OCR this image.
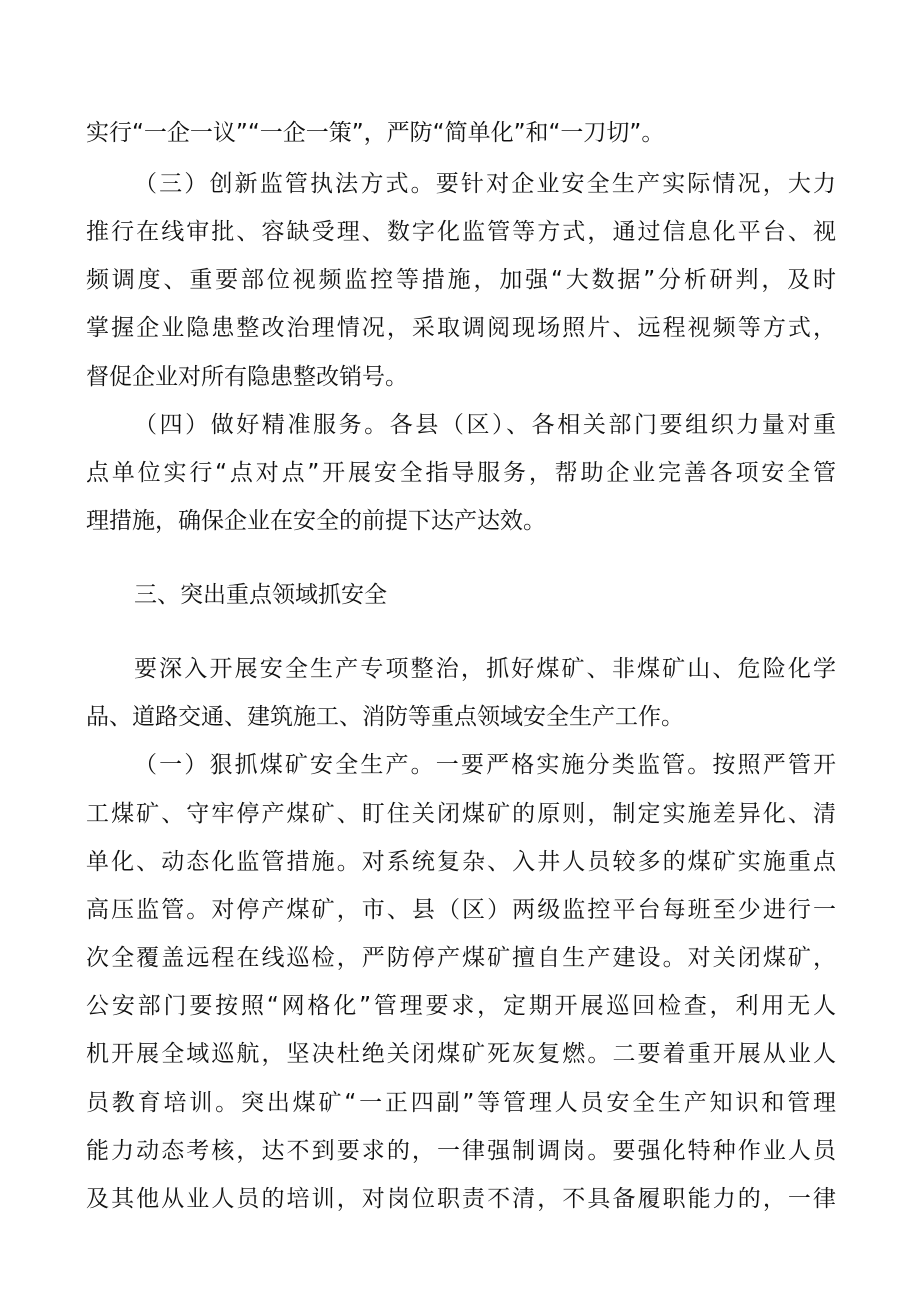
实行“一企一议”“一企一策”，严防“简单化”和“一刀切”。
（三）创新监管执法方式。要针对企业安全生产实际情况，大力
推行在线审批、容缺受理、数字化监管等方式，通过信息化平台、视
频调度、重要部位视频监控等措施，加强“大数据”分析研判，及时
掌握企业隐患整改治理情况，采取调阅现场照片、远程视频等方式，
督促企业对所有隐患整改销号。
（四）做好精准服务。各县（区）、各相关部门要组织力量对重
点单位实行“点对点”开展安全指导服务，帮助企业完善各项安全管
理措施，确保企业在安全的前提下达产达效。
三、突出重点领域抓安全
要深入开展安全生产专项整治，抓好煤矿、非煤矿山、危险化学
品、道路交通、建筑施工、消防等重点领域安全生产工作。
（一）狠抓煤矿安全生产。一要严格实施分类监管。按照严管开
工煤矿、守牢停产煤矿、盯住关闭煤矿的原则，制定实施差异化、清
单化、动态化监管措施。对系统复杂、入井人员较多的煤矿实施重点
高压监管。对停产煤矿，市、县（区）两级监控平台每班至少进行一
次全覆盖远程在线巡检，严防停产煤矿擅自生产建设。对关闭煤矿，
公安部门要按照“网格化”管理要求，定期开展巡回检查，利用无人
机开展全域巡航，坚决杜绝关闭煤矿死灰复燃。二要着重开展从业人
员教育培训。突出煤矿“一正四副”等管理人员安全生产知识和管理
能力动态考核，达不到要求的，一律强制调岗。要强化特种作业人员
及其他从业人员的培训，对岗位职责不清，不具备履职能力的，一律
